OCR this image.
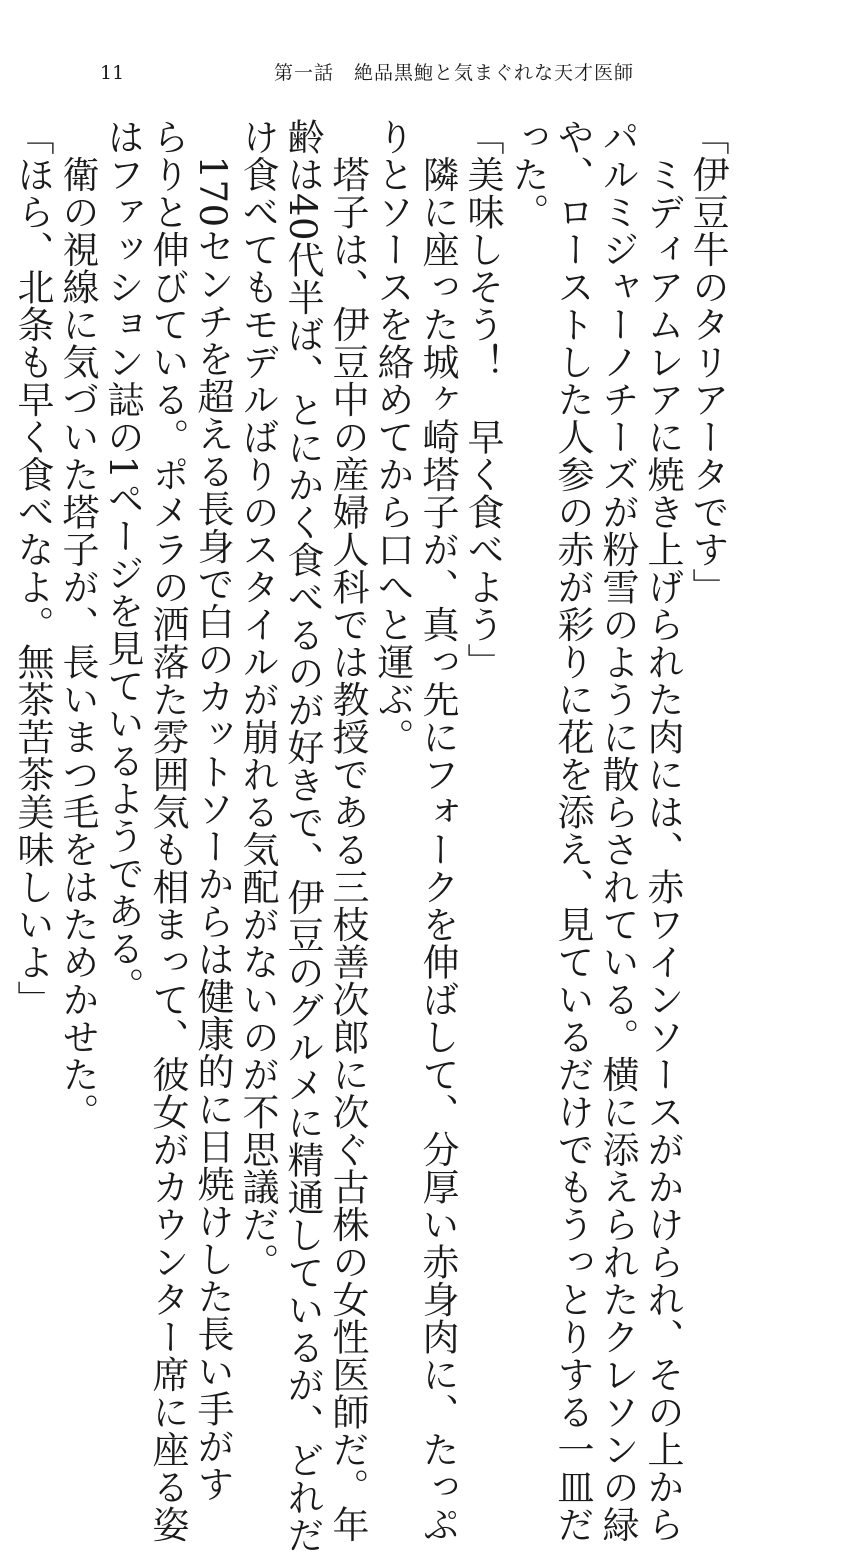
11	第一話　絶品黒鮑と気まぐれな天才医師

「伊豆牛のタリアータです」

　ミディアムレアに焼き上げられた肉には、赤ワインソースがかけられ、その上から

パルミジャーノチーズが粉雪のように散らされている。横に添えられたクレソンの緑

や、ローストした人参の赤が彩りに花を添え、見ているだけでもうっとりする一皿だ

った。

「美味しそう！　早く食べよう」

　隣に座った城ヶ崎塔子が、真っ先にフォークを伸ばして、分厚い赤身肉に、たっぷ

りとソースを絡めてから口へと運ぶ。

　塔子は、伊豆中の産婦人科では教授である三枝善次郎に次ぐ古株の女性医師だ。年

齢は40代半ば、とにかく食べるのが好きで、伊豆のグルメに精通しているが、どれだ

け食べてもモデルばりのスタイルが崩れる気配がないのが不思議だ。

　170センチを超える長身で白のカットソーからは健康的に日焼けした長い手がす

らりと伸びている。ポメラの洒落た雰囲気も相まって、彼女がカウンター席に座る姿

はファッション誌の1ページを見ているようである。

　衛の視線に気づいた塔子が、長いまつ毛をはためかせた。

「ほら、北条も早く食べなよ。無茶苦茶美味しいよ」
